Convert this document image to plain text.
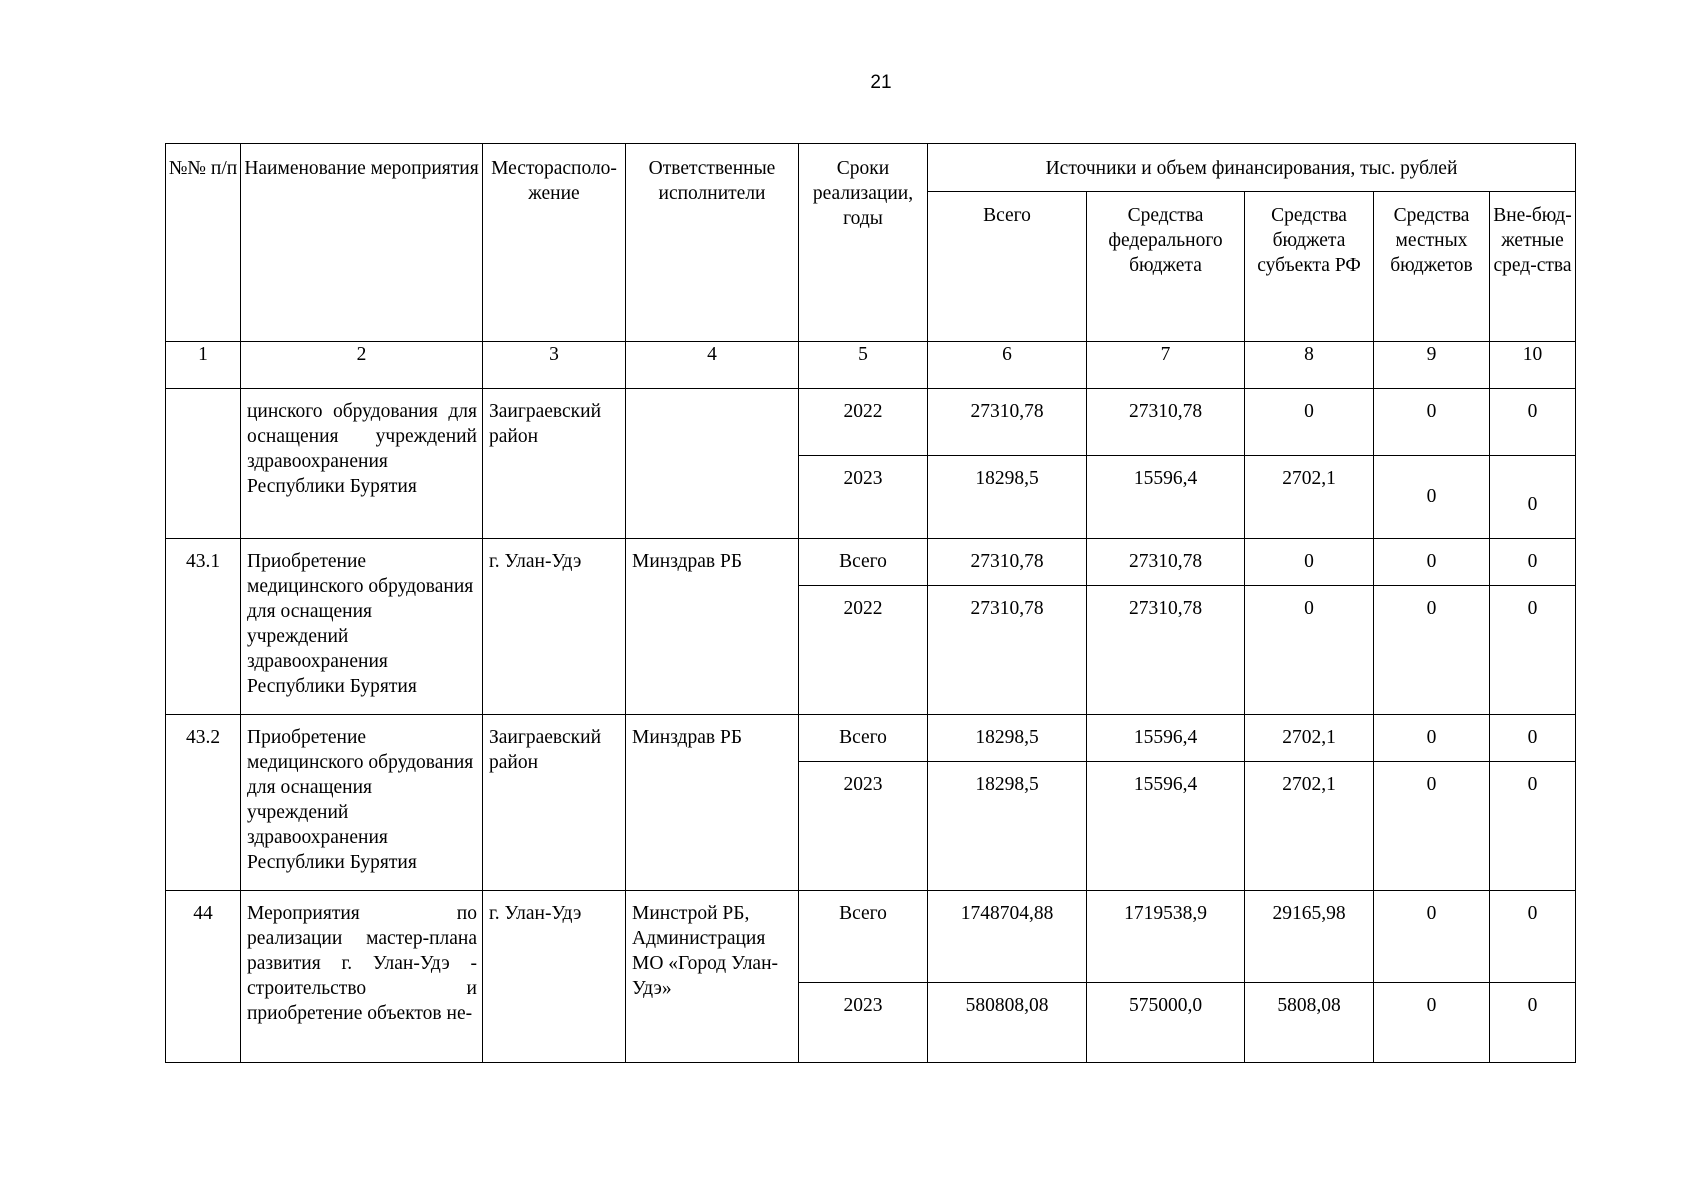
21
№№ п/п	Наименование мероприятия	Месторасполо-жение	Ответственные исполнители	Сроки реализации, годы	Источники и объем финансирования, тыс. рублей				
					Всего	Средства федерального бюджета	Средства бюджета субъекта РФ	Средства местных бюджетов	Вне-бюд-жетные сред-ства
1	2	3	4	5	6	7	8	9	10
	цинского обрудования для оснащения учреждений здравоохранения Республики Бурятия	Заиграевский район		2022	27310,78	27310,78	0	0	0
				2023	18298,5	15596,4	2702,1	0	0
43.1	Приобретение медицинского обрудования для оснащения учреждений здравоохранения Республики Бурятия	г. Улан-Удэ	Минздрав РБ	Всего	27310,78	27310,78	0	0	0
				2022	27310,78	27310,78	0	0	0
43.2	Приобретение медицинского обрудования для оснащения учреждений здравоохранения Республики Бурятия	Заиграевский район	Минздрав РБ	Всего	18298,5	15596,4	2702,1	0	0
				2023	18298,5	15596,4	2702,1	0	0
44	Мероприятия по реализации мастер-плана развития г. Улан-Удэ - строительство и приобретение объектов не-	г. Улан-Удэ	Минстрой РБ, Администрация МО «Город Улан-Удэ»	Всего	1748704,88	1719538,9	29165,98	0	0
				2023	580808,08	575000,0	5808,08	0	0
